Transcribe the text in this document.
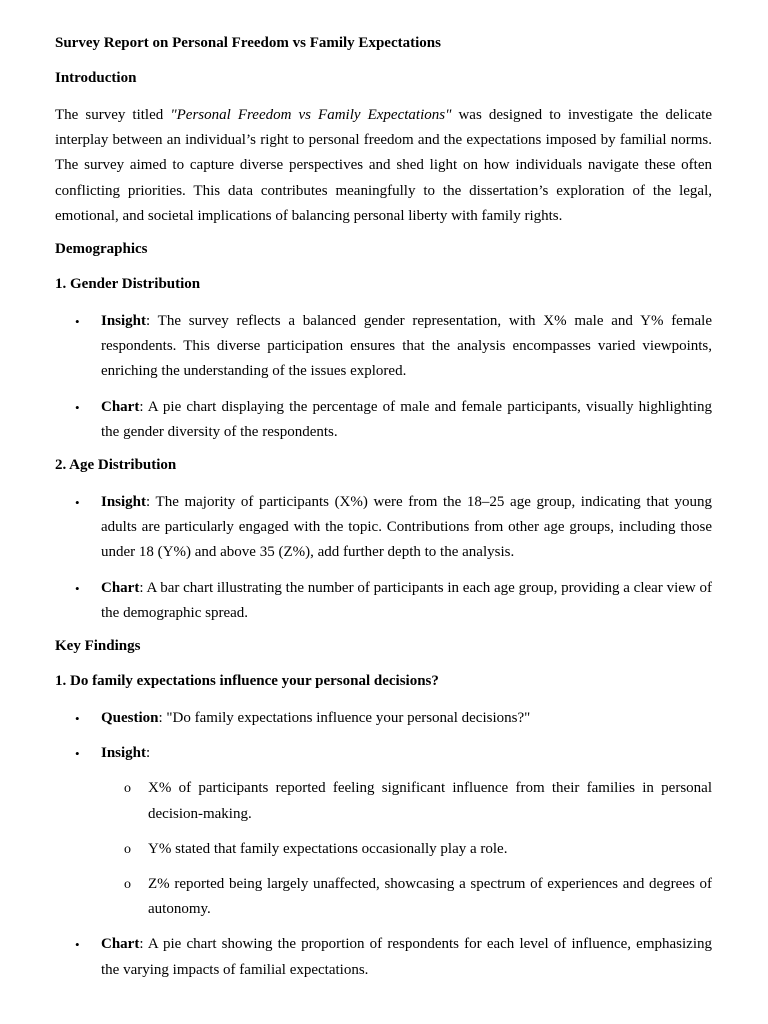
Survey Report on Personal Freedom vs Family Expectations

Introduction

The survey titled "Personal Freedom vs Family Expectations" was designed to investigate the delicate interplay between an individual’s right to personal freedom and the expectations imposed by familial norms. The survey aimed to capture diverse perspectives and shed light on how individuals navigate these often conflicting priorities. This data contributes meaningfully to the dissertation’s exploration of the legal, emotional, and societal implications of balancing personal liberty with family rights.

Demographics

1. Gender Distribution

• Insight: The survey reflects a balanced gender representation, with X% male and Y% female respondents. This diverse participation ensures that the analysis encompasses varied viewpoints, enriching the understanding of the issues explored.
• Chart: A pie chart displaying the percentage of male and female participants, visually highlighting the gender diversity of the respondents.

2. Age Distribution

• Insight: The majority of participants (X%) were from the 18–25 age group, indicating that young adults are particularly engaged with the topic. Contributions from other age groups, including those under 18 (Y%) and above 35 (Z%), add further depth to the analysis.
• Chart: A bar chart illustrating the number of participants in each age group, providing a clear view of the demographic spread.

Key Findings

1. Do family expectations influence your personal decisions?

• Question: "Do family expectations influence your personal decisions?"
• Insight:
o X% of participants reported feeling significant influence from their families in personal decision-making.
o Y% stated that family expectations occasionally play a role.
o Z% reported being largely unaffected, showcasing a spectrum of experiences and degrees of autonomy.
• Chart: A pie chart showing the proportion of respondents for each level of influence, emphasizing the varying impacts of familial expectations.
